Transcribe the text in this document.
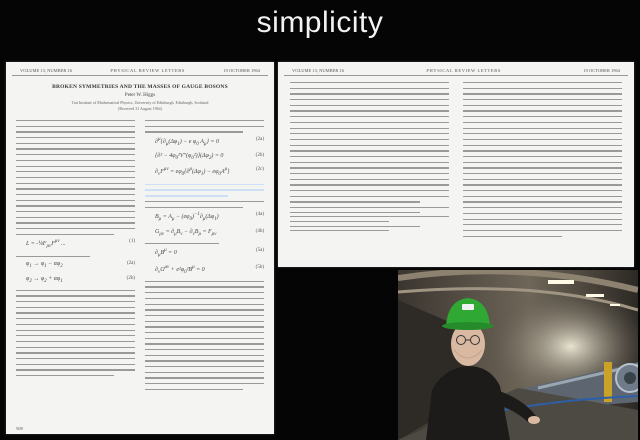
simplicity
VOLUME 13, NUMBER 16	PHYSICAL REVIEW LETTERS	19 OCTOBER 1964
BROKEN SYMMETRIES AND THE MASSES OF GAUGE BOSONS
Peter W. Higgs
Tait Institute of Mathematical Physics, University of Edinburgh, Edinburgh, Scotland
(Received 31 August 1964)
$L = -\frac{1}{4}F_{\mu\nu}F^{\mu\nu}$ ...	(1)
$\varphi_1 \to \varphi_1 - \alpha\varphi_2$
(2a)
$\varphi_2 \to \varphi_2 + \alpha\varphi_1$
(2b)
$\partial^\mu\{\partial_\mu(\Delta\varphi_1) - e$ $\varphi_0$ $A_\mu\} = 0$	(2a)
$\{\partial^2 - 4\varphi_0^2V''(\varphi_0^2)\}(\Delta\varphi_2) = 0$	(2b)
$\partial_\nu F^{\mu\nu} = e\varphi_0\{\partial^\mu(\Delta\varphi_1) - e\varphi_0A^\mu\}$	(2c)
$B_\mu = A_\mu - (e\varphi_0)^{-1}\partial_\mu(\Delta\varphi_1)$	(4a)
$G_{\mu\nu} = \partial_\mu B_\nu - \partial_\nu B_\mu = F_{\mu\nu}$
(4b)
$\partial_\mu B^\mu = 0$	(5a)
$\partial_\nu G^{\mu\nu} + e^2\varphi_0^2B^\mu = 0$	(5b)
508
VOLUME 13, NUMBER 16	PHYSICAL REVIEW LETTERS	19 OCTOBER 1964
